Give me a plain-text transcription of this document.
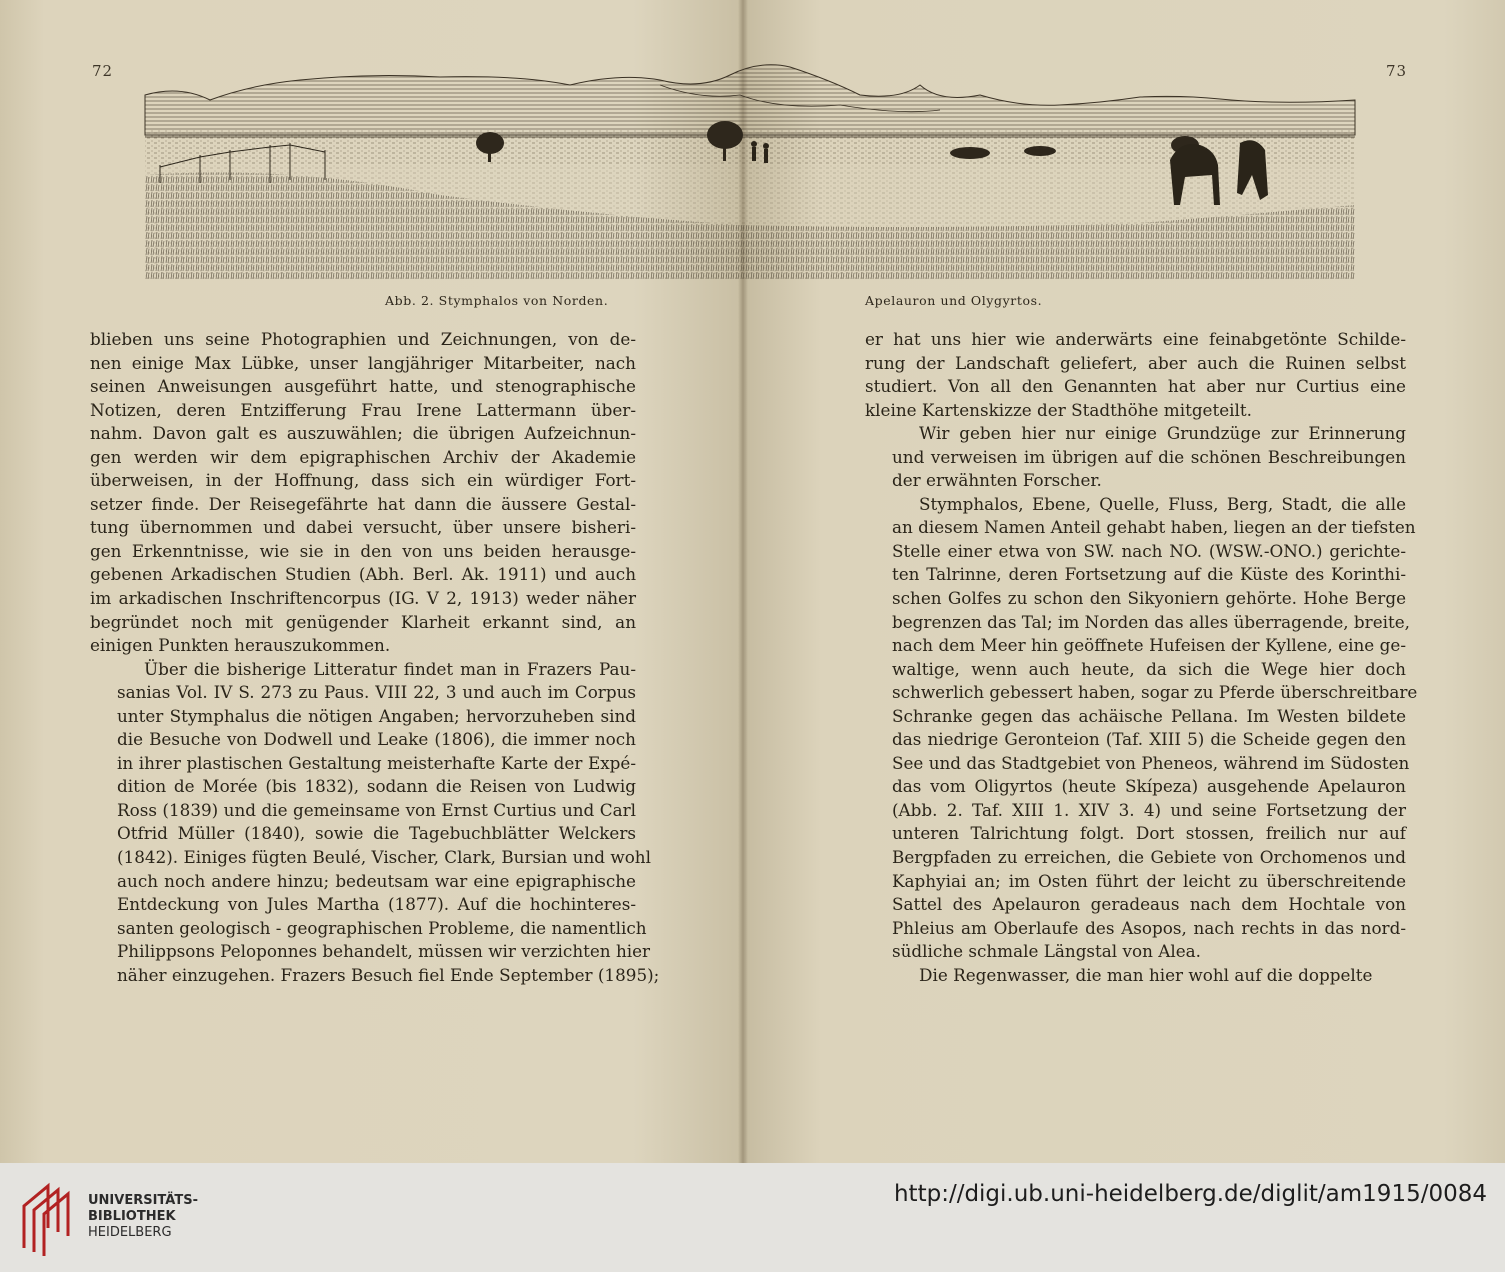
72	73
Abb. 2. Stymphalos von Norden.	Apelauron und Olygyrtos.

blieben uns seine Photographien und Zeichnungen, von de-
nen einige Max Lübke, unser langjähriger Mitarbeiter, nach
seinen Anweisungen ausgeführt hatte, und stenographische
Notizen, deren Entzifferung Frau Irene Lattermann über-
nahm. Davon galt es auszuwählen; die übrigen Aufzeichnun-
gen werden wir dem epigraphischen Archiv der Akademie
überweisen, in der Hoffnung, dass sich ein würdiger Fort-
setzer finde. Der Reisegefährte hat dann die äussere Gestal-
tung übernommen und dabei versucht, über unsere bisheri-
gen Erkenntnisse, wie sie in den von uns beiden herausge-
gebenen Arkadischen Studien (Abh. Berl. Ak. 1911) und auch
im arkadischen Inschriftencorpus (IG. V 2, 1913) weder näher
begründet noch mit genügender Klarheit erkannt sind, an
einigen Punkten herauszukommen.

Über die bisherige Litteratur findet man in Frazers Pau-
sanias Vol. IV S. 273 zu Paus. VIII 22, 3 und auch im Corpus
unter Stymphalus die nötigen Angaben; hervorzuheben sind
die Besuche von Dodwell und Leake (1806), die immer noch
in ihrer plastischen Gestaltung meisterhafte Karte der Expé-
dition de Morée (bis 1832), sodann die Reisen von Ludwig
Ross (1839) und die gemeinsame von Ernst Curtius und Carl
Otfrid Müller (1840), sowie die Tagebuchblätter Welckers
(1842). Einiges fügten Beulé, Vischer, Clark, Bursian und wohl
auch noch andere hinzu; bedeutsam war eine epigraphische
Entdeckung von Jules Martha (1877). Auf die hochinteres-
santen geologisch - geographischen Probleme, die namentlich
Philippsons Peloponnes behandelt, müssen wir verzichten hier
näher einzugehen. Frazers Besuch fiel Ende September (1895);

er hat uns hier wie anderwärts eine feinabgetönte Schilde-
rung der Landschaft geliefert, aber auch die Ruinen selbst
studiert. Von all den Genannten hat aber nur Curtius eine
kleine Kartenskizze der Stadthöhe mitgeteilt.

Wir geben hier nur einige Grundzüge zur Erinnerung
und verweisen im übrigen auf die schönen Beschreibungen
der erwähnten Forscher.

Stymphalos, Ebene, Quelle, Fluss, Berg, Stadt, die alle
an diesem Namen Anteil gehabt haben, liegen an der tiefsten
Stelle einer etwa von SW. nach NO. (WSW.-ONO.) gerichte-
ten Talrinne, deren Fortsetzung auf die Küste des Korinthi-
schen Golfes zu schon den Sikyoniern gehörte. Hohe Berge
begrenzen das Tal; im Norden das alles überragende, breite,
nach dem Meer hin geöffnete Hufeisen der Kyllene, eine ge-
waltige, wenn auch heute, da sich die Wege hier doch
schwerlich gebessert haben, sogar zu Pferde überschreitbare
Schranke gegen das achäische Pellana. Im Westen bildete
das niedrige Geronteion (Taf. XIII 5) die Scheide gegen den
See und das Stadtgebiet von Pheneos, während im Südosten
das vom Oligyrtos (heute Skípeza) ausgehende Apelauron
(Abb. 2. Taf. XIII 1. XIV 3. 4) und seine Fortsetzung der
unteren Talrichtung folgt. Dort stossen, freilich nur auf
Bergpfaden zu erreichen, die Gebiete von Orchomenos und
Kaphyiai an; im Osten führt der leicht zu überschreitende
Sattel des Apelauron geradeaus nach dem Hochtale von
Phleius am Oberlaufe des Asopos, nach rechts in das nord-
südliche schmale Längstal von Alea.

Die Regenwasser, die man hier wohl auf die doppelte

UNIVERSITÄTS-
BIBLIOTHEK
HEIDELBERG
http://digi.ub.uni-heidelberg.de/diglit/am1915/0084
